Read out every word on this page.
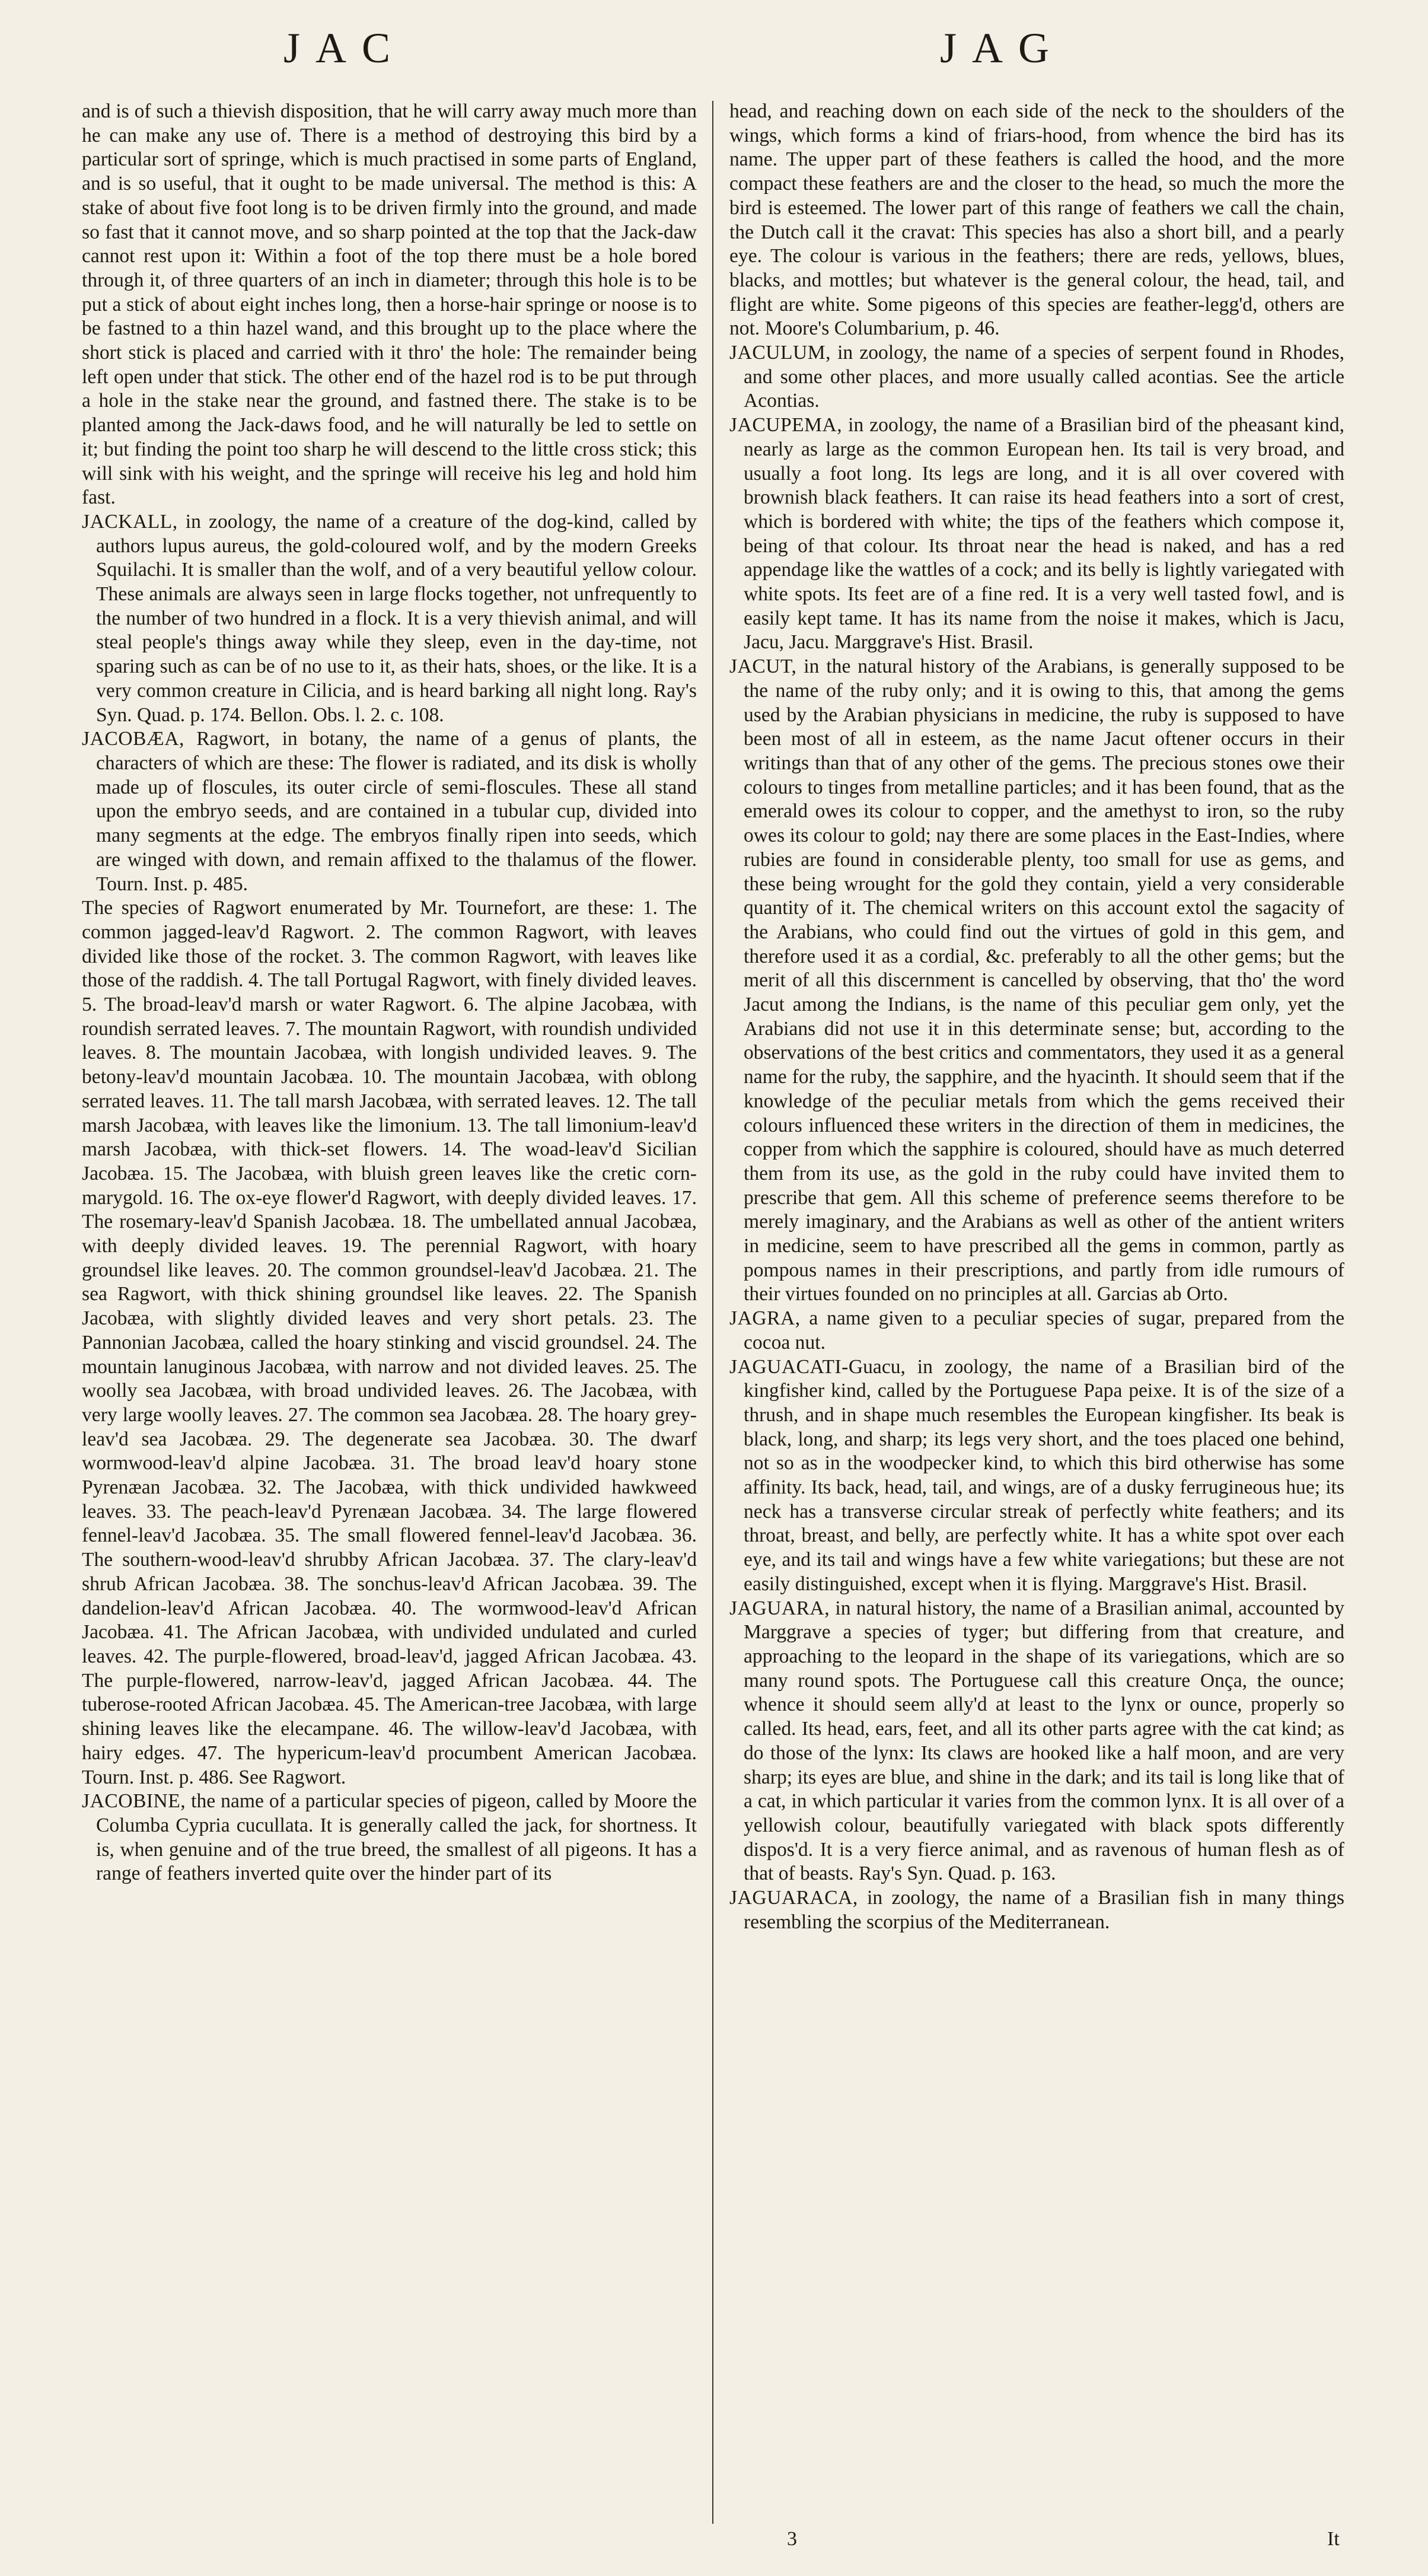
JAC	JAG

and is of such a thievish disposition, that he will carry away much more than he can make any use of. There is a method of destroying this bird by a particular sort of springe, which is much practised in some parts of England, and is so useful, that it ought to be made universal. The method is this: A stake of about five foot long is to be driven firmly into the ground, and made so fast that it cannot move, and so sharp pointed at the top that the Jack-daw cannot rest upon it: Within a foot of the top there must be a hole bored through it, of three quarters of an inch in diameter; through this hole is to be put a stick of about eight inches long, then a horse-hair springe or noose is to be fastned to a thin hazel wand, and this brought up to the place where the short stick is placed and carried with it thro' the hole: The remainder being left open under that stick. The other end of the hazel rod is to be put through a hole in the stake near the ground, and fastned there. The stake is to be planted among the Jack-daws food, and he will naturally be led to settle on it; but finding the point too sharp he will descend to the little cross stick; this will sink with his weight, and the springe will receive his leg and hold him fast.

JACKALL, in zoology, the name of a creature of the dog-kind, called by authors lupus aureus, the gold-coloured wolf, and by the modern Greeks Squilachi. It is smaller than the wolf, and of a very beautiful yellow colour. These animals are always seen in large flocks together, not unfrequently to the number of two hundred in a flock. It is a very thievish animal, and will steal people's things away while they sleep, even in the day-time, not sparing such as can be of no use to it, as their hats, shoes, or the like. It is a very common creature in Cilicia, and is heard barking all night long. Ray's Syn. Quad. p. 174. Bellon. Obs. l. 2. c. 108.

JACOBÆA, Ragwort, in botany, the name of a genus of plants, the characters of which are these: The flower is radiated, and its disk is wholly made up of floscules, its outer circle of semi-floscules. These all stand upon the embryo seeds, and are contained in a tubular cup, divided into many segments at the edge. The embryos finally ripen into seeds, which are winged with down, and remain affixed to the thalamus of the flower. Tourn. Inst. p. 485.

The species of Ragwort enumerated by Mr. Tournefort, are these: 1. The common jagged-leav'd Ragwort. 2. The common Ragwort, with leaves divided like those of the rocket. 3. The common Ragwort, with leaves like those of the raddish. 4. The tall Portugal Ragwort, with finely divided leaves. 5. The broad-leav'd marsh or water Ragwort. 6. The alpine Jacobæa, with roundish serrated leaves. 7. The mountain Ragwort, with roundish undivided leaves. 8. The mountain Jacobæa, with longish undivided leaves. 9. The betony-leav'd mountain Jacobæa. 10. The mountain Jacobæa, with oblong serrated leaves. 11. The tall marsh Jacobæa, with serrated leaves. 12. The tall marsh Jacobæa, with leaves like the limonium. 13. The tall limonium-leav'd marsh Jacobæa, with thick-set flowers. 14. The woad-leav'd Sicilian Jacobæa. 15. The Jacobæa, with bluish green leaves like the cretic corn-marygold. 16. The ox-eye flower'd Ragwort, with deeply divided leaves. 17. The rosemary-leav'd Spanish Jacobæa. 18. The umbellated annual Jacobæa, with deeply divided leaves. 19. The perennial Ragwort, with hoary groundsel like leaves. 20. The common groundsel-leav'd Jacobæa. 21. The sea Ragwort, with thick shining groundsel like leaves. 22. The Spanish Jacobæa, with slightly divided leaves and very short petals. 23. The Pannonian Jacobæa, called the hoary stinking and viscid groundsel. 24. The mountain lanuginous Jacobæa, with narrow and not divided leaves. 25. The woolly sea Jacobæa, with broad undivided leaves. 26. The Jacobæa, with very large woolly leaves. 27. The common sea Jacobæa. 28. The hoary grey-leav'd sea Jacobæa. 29. The degenerate sea Jacobæa. 30. The dwarf wormwood-leav'd alpine Jacobæa. 31. The broad leav'd hoary stone Pyrenæan Jacobæa. 32. The Jacobæa, with thick undivided hawkweed leaves. 33. The peach-leav'd Pyrenæan Jacobæa. 34. The large flowered fennel-leav'd Jacobæa. 35. The small flowered fennel-leav'd Jacobæa. 36. The southern-wood-leav'd shrubby African Jacobæa. 37. The clary-leav'd shrub African Jacobæa. 38. The sonchus-leav'd African Jacobæa. 39. The dandelion-leav'd African Jacobæa. 40. The wormwood-leav'd African Jacobæa. 41. The African Jacobæa, with undivided undulated and curled leaves. 42. The purple-flowered, broad-leav'd, jagged African Jacobæa. 43. The purple-flowered, narrow-leav'd, jagged African Jacobæa. 44. The tuberose-rooted African Jacobæa. 45. The American-tree Jacobæa, with large shining leaves like the elecampane. 46. The willow-leav'd Jacobæa, with hairy edges. 47. The hypericum-leav'd procumbent American Jacobæa. Tourn. Inst. p. 486. See Ragwort.

JACOBINE, the name of a particular species of pigeon, called by Moore the Columba Cypria cucullata. It is generally called the jack, for shortness. It is, when genuine and of the true breed, the smallest of all pigeons. It has a range of feathers inverted quite over the hinder part of its

head, and reaching down on each side of the neck to the shoulders of the wings, which forms a kind of friars-hood, from whence the bird has its name. The upper part of these feathers is called the hood, and the more compact these feathers are and the closer to the head, so much the more the bird is esteemed. The lower part of this range of feathers we call the chain, the Dutch call it the cravat: This species has also a short bill, and a pearly eye. The colour is various in the feathers; there are reds, yellows, blues, blacks, and mottles; but whatever is the general colour, the head, tail, and flight are white. Some pigeons of this species are feather-legg'd, others are not. Moore's Columbarium, p. 46.

JACULUM, in zoology, the name of a species of serpent found in Rhodes, and some other places, and more usually called acontias. See the article Acontias.

JACUPEMA, in zoology, the name of a Brasilian bird of the pheasant kind, nearly as large as the common European hen. Its tail is very broad, and usually a foot long. Its legs are long, and it is all over covered with brownish black feathers. It can raise its head feathers into a sort of crest, which is bordered with white; the tips of the feathers which compose it, being of that colour. Its throat near the head is naked, and has a red appendage like the wattles of a cock; and its belly is lightly variegated with white spots. Its feet are of a fine red. It is a very well tasted fowl, and is easily kept tame. It has its name from the noise it makes, which is Jacu, Jacu, Jacu. Marggrave's Hist. Brasil.

JACUT, in the natural history of the Arabians, is generally supposed to be the name of the ruby only; and it is owing to this, that among the gems used by the Arabian physicians in medicine, the ruby is supposed to have been most of all in esteem, as the name Jacut oftener occurs in their writings than that of any other of the gems. The precious stones owe their colours to tinges from metalline particles; and it has been found, that as the emerald owes its colour to copper, and the amethyst to iron, so the ruby owes its colour to gold; nay there are some places in the East-Indies, where rubies are found in considerable plenty, too small for use as gems, and these being wrought for the gold they contain, yield a very considerable quantity of it. The chemical writers on this account extol the sagacity of the Arabians, who could find out the virtues of gold in this gem, and therefore used it as a cordial, &c. preferably to all the other gems; but the merit of all this discernment is cancelled by observing, that tho' the word Jacut among the Indians, is the name of this peculiar gem only, yet the Arabians did not use it in this determinate sense; but, according to the observations of the best critics and commentators, they used it as a general name for the ruby, the sapphire, and the hyacinth. It should seem that if the knowledge of the peculiar metals from which the gems received their colours influenced these writers in the direction of them in medicines, the copper from which the sapphire is coloured, should have as much deterred them from its use, as the gold in the ruby could have invited them to prescribe that gem. All this scheme of preference seems therefore to be merely imaginary, and the Arabians as well as other of the antient writers in medicine, seem to have prescribed all the gems in common, partly as pompous names in their prescriptions, and partly from idle rumours of their virtues founded on no principles at all. Garcias ab Orto.

JAGRA, a name given to a peculiar species of sugar, prepared from the cocoa nut.

JAGUACATI-Guacu, in zoology, the name of a Brasilian bird of the kingfisher kind, called by the Portuguese Papa peixe. It is of the size of a thrush, and in shape much resembles the European kingfisher. Its beak is black, long, and sharp; its legs very short, and the toes placed one behind, not so as in the woodpecker kind, to which this bird otherwise has some affinity. Its back, head, tail, and wings, are of a dusky ferrugineous hue; its neck has a transverse circular streak of perfectly white feathers; and its throat, breast, and belly, are perfectly white. It has a white spot over each eye, and its tail and wings have a few white variegations; but these are not easily distinguished, except when it is flying. Marggrave's Hist. Brasil.

JAGUARA, in natural history, the name of a Brasilian animal, accounted by Marggrave a species of tyger; but differing from that creature, and approaching to the leopard in the shape of its variegations, which are so many round spots. The Portuguese call this creature Onça, the ounce; whence it should seem ally'd at least to the lynx or ounce, properly so called. Its head, ears, feet, and all its other parts agree with the cat kind; as do those of the lynx: Its claws are hooked like a half moon, and are very sharp; its eyes are blue, and shine in the dark; and its tail is long like that of a cat, in which particular it varies from the common lynx. It is all over of a yellowish colour, beautifully variegated with black spots differently dispos'd. It is a very fierce animal, and as ravenous of human flesh as of that of beasts. Ray's Syn. Quad. p. 163.

JAGUARACA, in zoology, the name of a Brasilian fish in many things resembling the scorpius of the Mediterranean.

3	It
